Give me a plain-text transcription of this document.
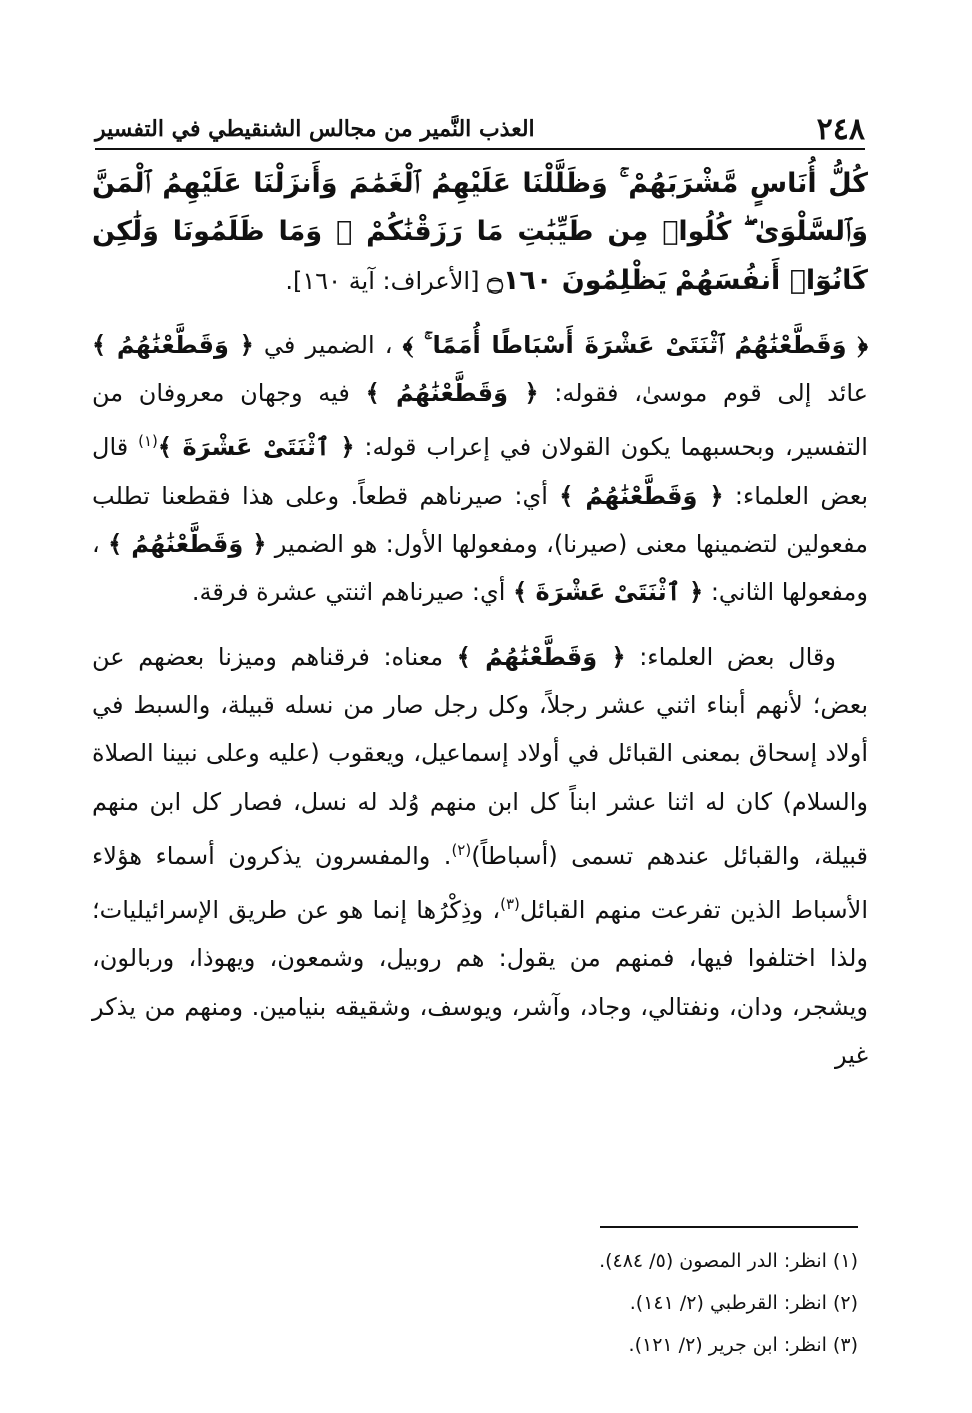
٢٤٨
العذب النَّمير من مجالس الشنقيطي في التفسير

كُلُّ أُنَاسٍ مَّشْرَبَهُمْ ۚ وَظَلَّلْنَا عَلَيْهِمُ ٱلْغَمَٰمَ وَأَنزَلْنَا عَلَيْهِمُ ٱلْمَنَّ وَٱلسَّلْوَىٰ ۖ كُلُوا۟ مِن طَيِّبَٰتِ مَا رَزَقْنَٰكُمْ ۚ وَمَا ظَلَمُونَا وَلَٰكِن كَانُوٓا۟ أَنفُسَهُمْ يَظْلِمُونَ ۝١٦٠ [الأعراف: آية ١٦٠].

﴿ وَقَطَّعْنَٰهُمُ ٱثْنَتَىْ عَشْرَةَ أَسْبَاطًا أُمَمًا ۚ ﴾ ، الضمير في ﴿ وَقَطَّعْنَٰهُمُ ﴾ عائد إلى قوم موسىٰ، فقوله: ﴿ وَقَطَّعْنَٰهُمُ ﴾ فيه وجهان معروفان من التفسير، وبحسبهما يكون القولان في إعراب قوله: ﴿ ٱثْنَتَىْ عَشْرَةَ ﴾$^{(١)}$ قال بعض العلماء: ﴿ وَقَطَّعْنَٰهُمُ ﴾ أي: صيرناهم قطعاً. وعلى هذا فقطعنا تطلب مفعولين لتضمينها معنى (صيرنا)، ومفعولها الأول: هو الضمير ﴿ وَقَطَّعْنَٰهُمُ ﴾ ، ومفعولها الثاني: ﴿ ٱثْنَتَىْ عَشْرَةَ ﴾ أي: صيرناهم اثنتي عشرة فرقة.

وقال بعض العلماء: ﴿ وَقَطَّعْنَٰهُمُ ﴾ معناه: فرقناهم وميزنا بعضهم عن بعض؛ لأنهم أبناء اثني عشر رجلاً، وكل رجل صار من نسله قبيلة، والسبط في أولاد إسحاق بمعنى القبائل في أولاد إسماعيل، ويعقوب (عليه وعلى نبينا الصلاة والسلام) كان له اثنا عشر ابناً كل ابن منهم وُلد له نسل، فصار كل ابن منهم قبيلة، والقبائل عندهم تسمى (أسباطاً)$^{(٢)}$. والمفسرون يذكرون أسماء هؤلاء الأسباط الذين تفرعت منهم القبائل$^{(٣)}$، وذِكْرُها إنما هو عن طريق الإسرائيليات؛ ولذا اختلفوا فيها، فمنهم من يقول: هم روبيل، وشمعون، ويهوذا، وربالون، ويشجر، ودان، ونفتالي، وجاد، وآشر، ويوسف، وشقيقه بنيامين. ومنهم من يذكر غير

(١) انظر: الدر المصون (٥/ ٤٨٤).

(٢) انظر: القرطبي (٢/ ١٤١).

(٣) انظر: ابن جرير (٢/ ١٢١).
